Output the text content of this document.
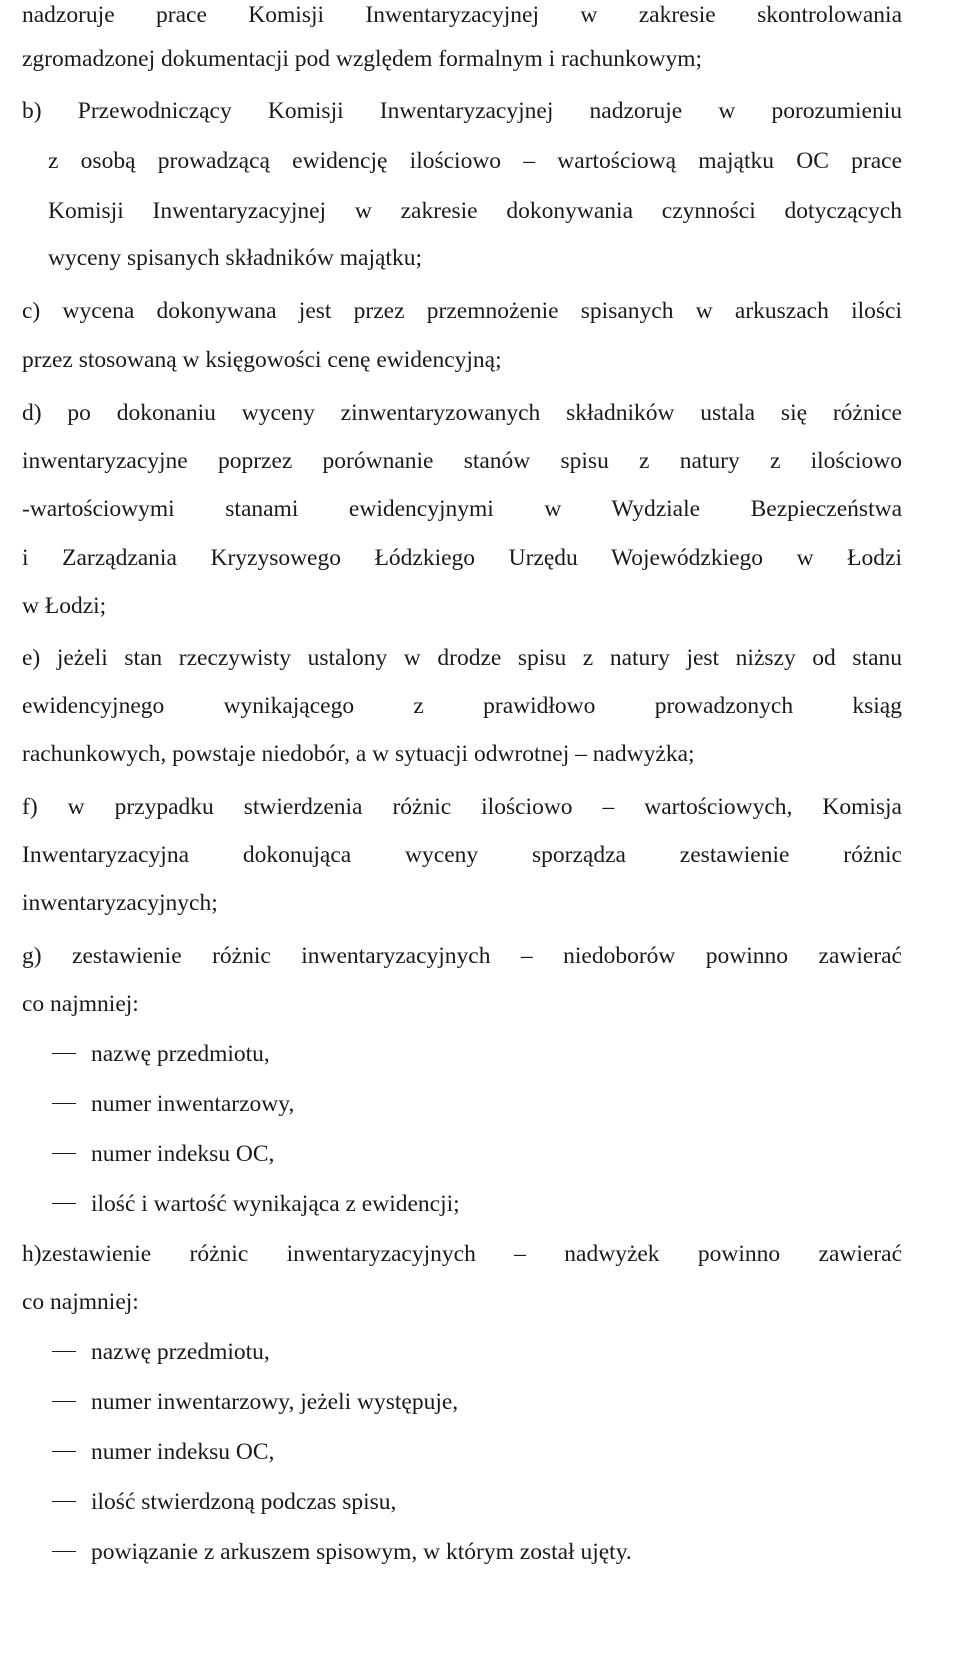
nadzoruje prace Komisji Inwentaryzacyjnej w zakresie skontrolowania
zgromadzonej dokumentacji pod względem formalnym i rachunkowym;
b) Przewodniczący Komisji Inwentaryzacyjnej nadzoruje w porozumieniu
z osobą prowadzącą ewidencję ilościowo – wartościową majątku OC prace
Komisji Inwentaryzacyjnej w zakresie dokonywania czynności dotyczących
wyceny spisanych składników majątku;
c) wycena dokonywana jest przez przemnożenie spisanych w arkuszach ilości
przez stosowaną w księgowości cenę ewidencyjną;
d) po dokonaniu wyceny zinwentaryzowanych składników ustala się różnice
inwentaryzacyjne poprzez porównanie stanów spisu z natury z ilościowo
-wartościowymi stanami ewidencyjnymi w Wydziale Bezpieczeństwa
i Zarządzania Kryzysowego Łódzkiego Urzędu Wojewódzkiego w Łodzi
w Łodzi;
e) jeżeli stan rzeczywisty ustalony w drodze spisu z natury jest niższy od stanu
ewidencyjnego wynikającego z prawidłowo prowadzonych ksiąg
rachunkowych, powstaje niedobór, a w sytuacji odwrotnej – nadwyżka;
f) w przypadku stwierdzenia różnic ilościowo – wartościowych, Komisja
Inwentaryzacyjna dokonująca wyceny sporządza zestawienie różnic
inwentaryzacyjnych;
g) zestawienie różnic inwentaryzacyjnych – niedoborów powinno zawierać
co najmniej:
nazwę przedmiotu,
numer inwentarzowy,
numer indeksu OC,
ilość i wartość wynikająca z ewidencji;
h)zestawienie różnic inwentaryzacyjnych – nadwyżek powinno zawierać
co najmniej:
nazwę przedmiotu,
numer inwentarzowy, jeżeli występuje,
numer indeksu OC,
ilość stwierdzoną podczas spisu,
powiązanie z arkuszem spisowym, w którym został ujęty.
